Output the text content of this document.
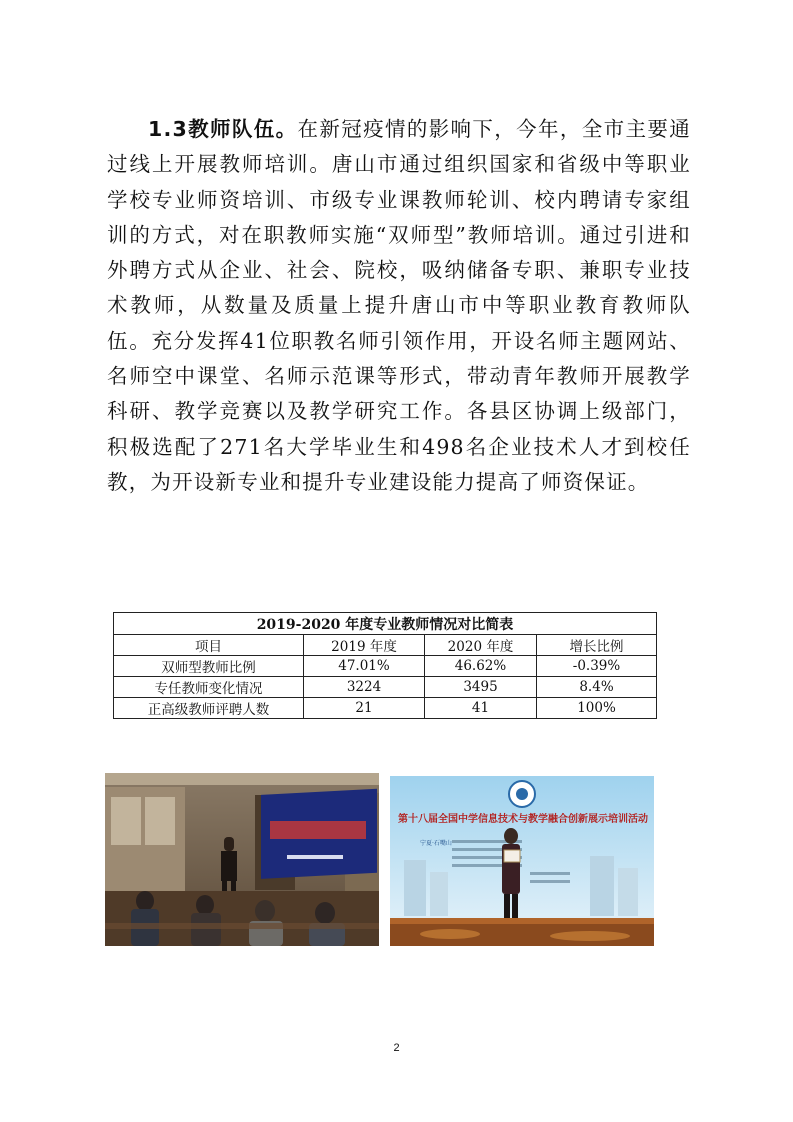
1.3教师队伍。在新冠疫情的影响下，今年，全市主要通过线上开展教师培训。唐山市通过组织国家和省级中等职业学校专业师资培训、市级专业课教师轮训、校内聘请专家组训的方式，对在职教师实施“双师型”教师培训。通过引进和外聘方式从企业、社会、院校，吸纳储备专职、兼职专业技术教师，从数量及质量上提升唐山市中等职业教育教师队伍。充分发挥41位职教名师引领作用，开设名师主题网站、名师空中课堂、名师示范课等形式，带动青年教师开展教学科研、教学竞赛以及教学研究工作。各县区协调上级部门，积极选配了271名大学毕业生和498名企业技术人才到校任教，为开设新专业和提升专业建设能力提高了师资保证。

2019-2020 年度专业教师情况对比简表			
项目	2019 年度	2020 年度	增长比例
双师型教师比例	47.01%	46.62%	-0.39%
专任教师变化情况	3224	3495	8.4%
正高级教师评聘人数	21	41	100%
第十八届全国中学信息技术与教学融合创新展示培训活动
宁夏·石嘴山
2
